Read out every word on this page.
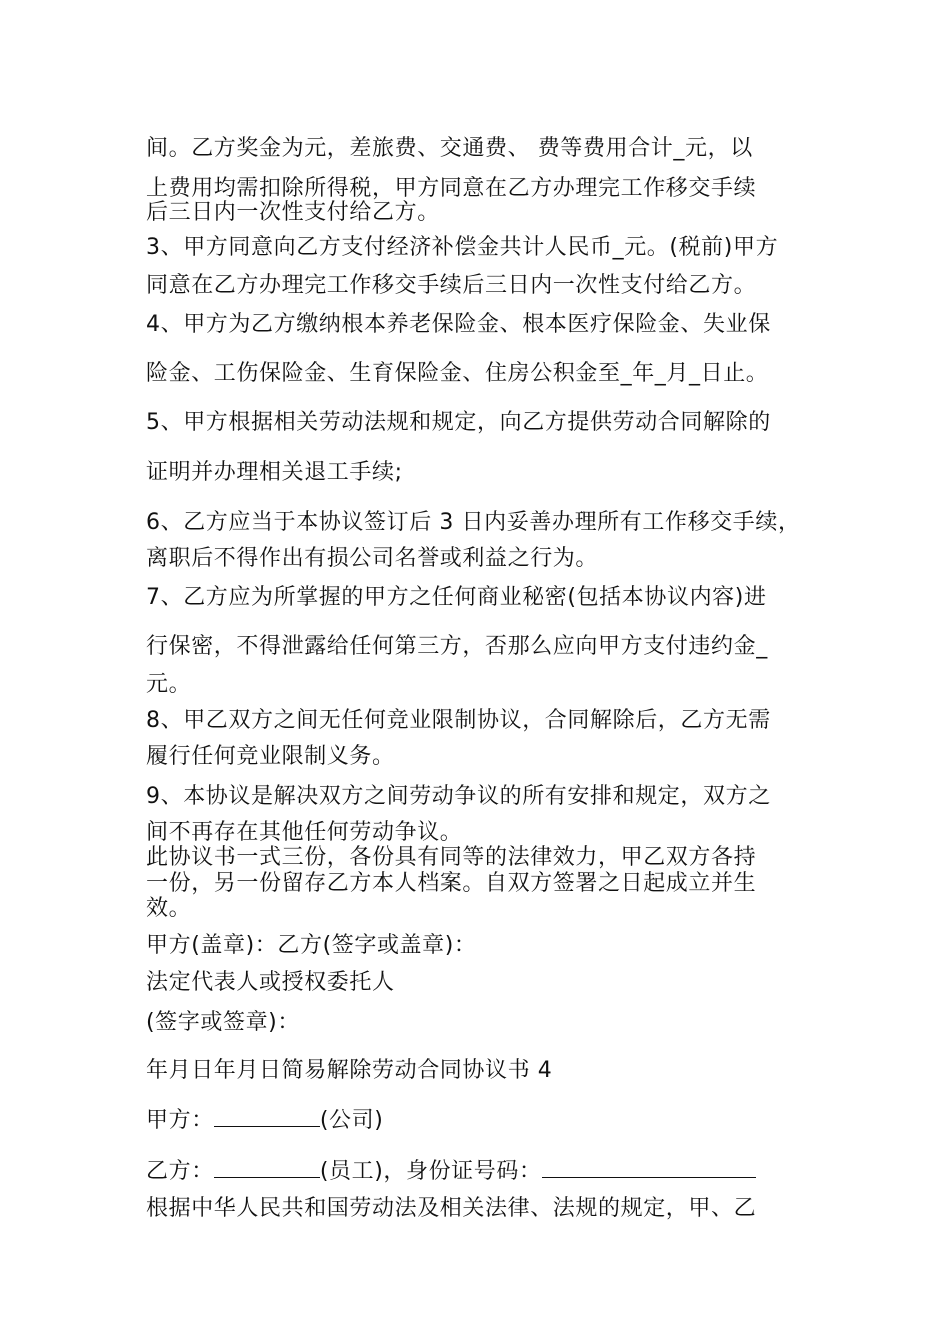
间。乙方奖金为元，差旅费、交通费、 费等费用合计_元，以
上费用均需扣除所得税，甲方同意在乙方办理完工作移交手续
后三日内一次性支付给乙方。
3、甲方同意向乙方支付经济补偿金共计人民币_元。(税前)甲方
同意在乙方办理完工作移交手续后三日内一次性支付给乙方。
4、甲方为乙方缴纳根本养老保险金、根本医疗保险金、失业保
险金、工伤保险金、生育保险金、住房公积金至_年_月_日止。
5、甲方根据相关劳动法规和规定，向乙方提供劳动合同解除的
证明并办理相关退工手续;
6、乙方应当于本协议签订后 3 日内妥善办理所有工作移交手续，
离职后不得作出有损公司名誉或利益之行为。
7、乙方应为所掌握的甲方之任何商业秘密(包括本协议内容)进
行保密，不得泄露给任何第三方，否那么应向甲方支付违约金_
元。
8、甲乙双方之间无任何竞业限制协议，合同解除后，乙方无需
履行任何竞业限制义务。
9、本协议是解决双方之间劳动争议的所有安排和规定，双方之
间不再存在其他任何劳动争议。
此协议书一式三份，各份具有同等的法律效力，甲乙双方各持
一份，另一份留存乙方本人档案。自双方签署之日起成立并生
效。
甲方(盖章)：乙方(签字或盖章)：
法定代表人或授权委托人
(签字或签章)：
年月日年月日简易解除劳动合同协议书 4
甲方：	(公司)
乙方：	(员工)，身份证号码：
根据中华人民共和国劳动法及相关法律、法规的规定，甲、乙
